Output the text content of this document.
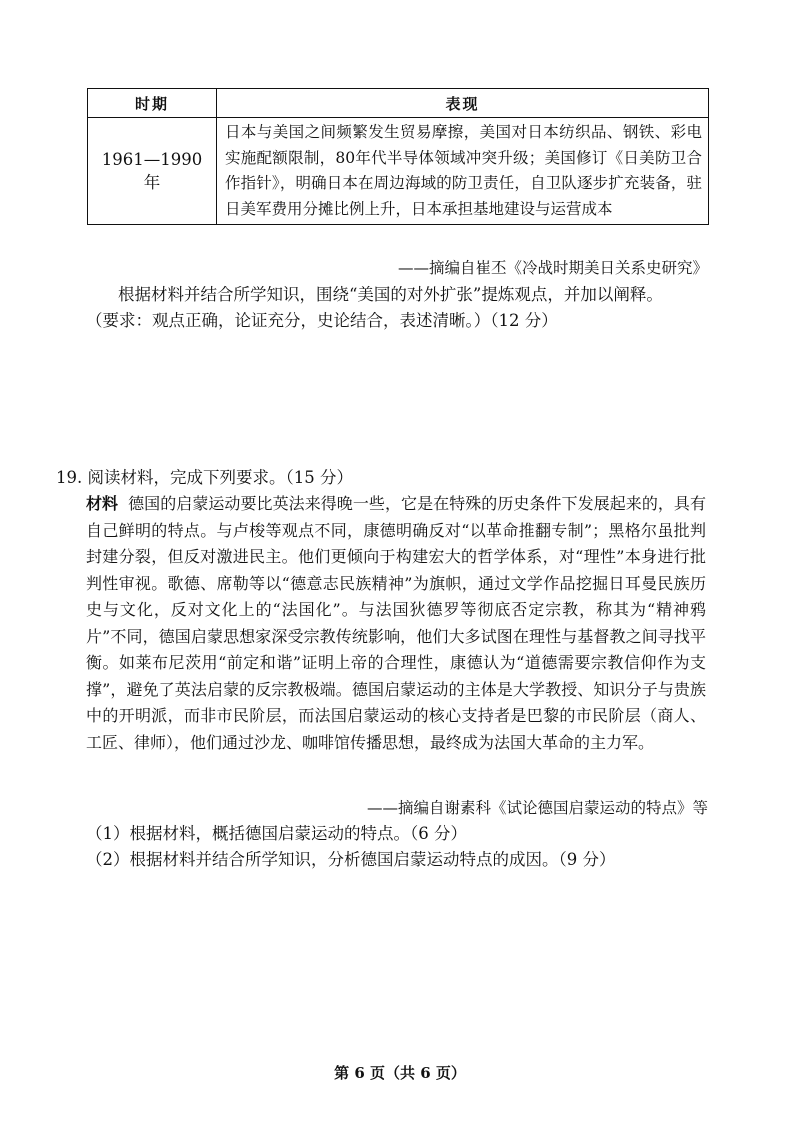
时期	表现
1961—1990 年	日本与美国之间频繁发生贸易摩擦，美国对日本纺织品、钢铁、彩电实施配额限制，80年代半导体领域冲突升级；美国修订《日美防卫合作指针》，明确日本在周边海域的防卫责任，自卫队逐步扩充装备，驻日美军费用分摊比例上升，日本承担基地建设与运营成本
——摘编自崔丕《冷战时期美日关系史研究》
根据材料并结合所学知识，围绕“美国的对外扩张”提炼观点，并加以阐释。
（要求：观点正确，论证充分，史论结合，表述清晰。）（12 分）
19. 阅读材料，完成下列要求。（15 分）
材料 德国的启蒙运动要比英法来得晚一些，它是在特殊的历史条件下发展起来的，具有自己鲜明的特点。与卢梭等观点不同，康德明确反对“以革命推翻专制”；黑格尔虽批判封建分裂，但反对激进民主。他们更倾向于构建宏大的哲学体系，对“理性”本身进行批判性审视。歌德、席勒等以“德意志民族精神”为旗帜，通过文学作品挖掘日耳曼民族历史与文化，反对文化上的“法国化”。与法国狄德罗等彻底否定宗教，称其为“精神鸦片”不同，德国启蒙思想家深受宗教传统影响，他们大多试图在理性与基督教之间寻找平衡。如莱布尼茨用“前定和谐”证明上帝的合理性，康德认为“道德需要宗教信仰作为支撑”，避免了英法启蒙的反宗教极端。德国启蒙运动的主体是大学教授、知识分子与贵族中的开明派，而非市民阶层，而法国启蒙运动的核心支持者是巴黎的市民阶层（商人、工匠、律师），他们通过沙龙、咖啡馆传播思想，最终成为法国大革命的主力军。
——摘编自谢素科《试论德国启蒙运动的特点》等
（1）根据材料，概括德国启蒙运动的特点。（6 分）
（2）根据材料并结合所学知识，分析德国启蒙运动特点的成因。（9 分）
第 6 页（共 6 页）
